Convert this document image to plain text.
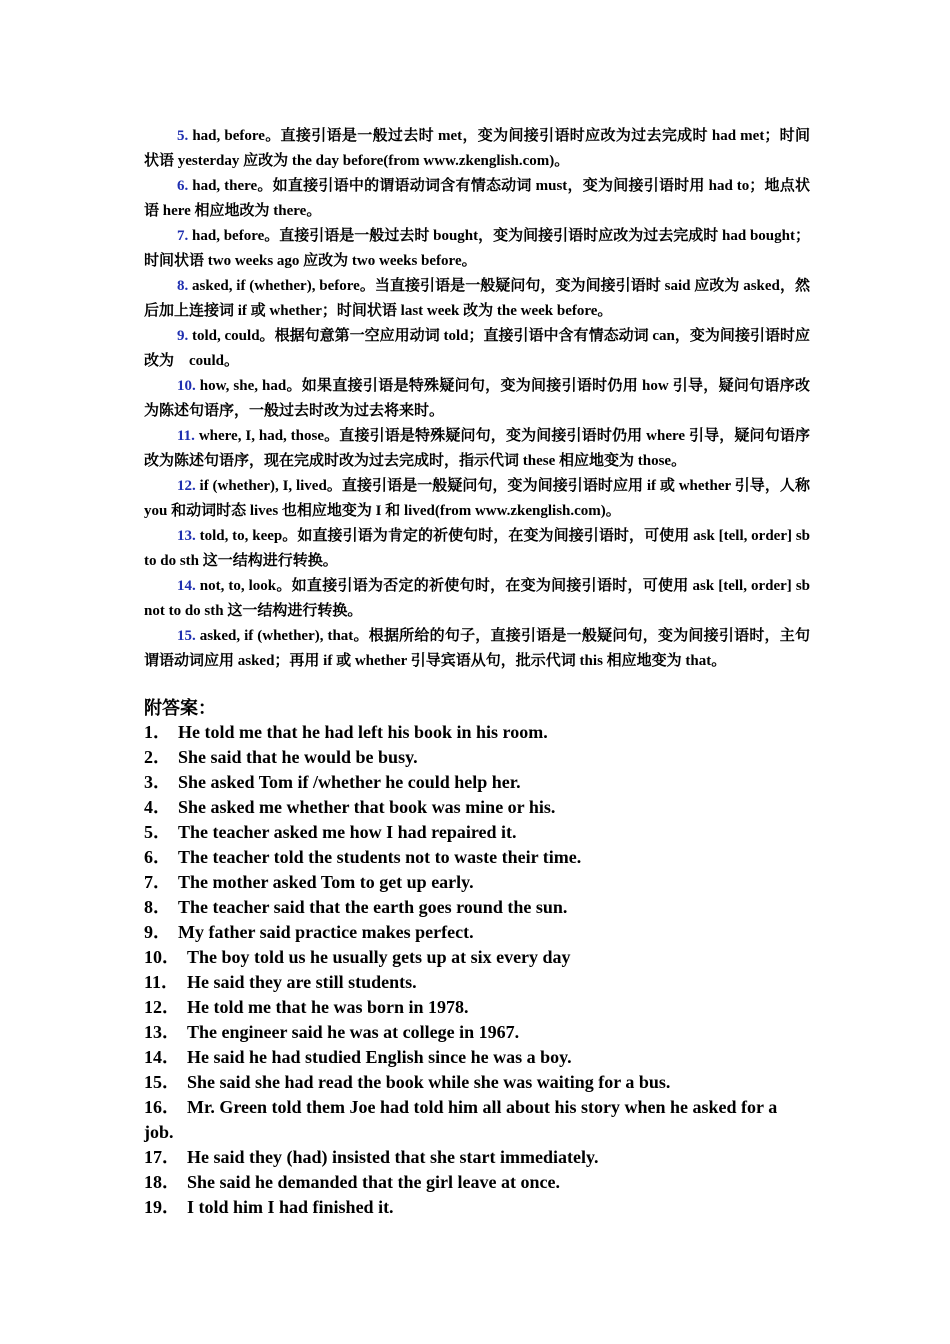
5. had, before。直接引语是一般过去时 met，变为间接引语时应改为过去完成时 had met；时间状语 yesterday 应改为 the day before(from www.zkenglish.com)。

6. had, there。如直接引语中的谓语动词含有情态动词 must，变为间接引语时用 had to；地点状语 here 相应地改为 there。

7. had, before。直接引语是一般过去时 bought，变为间接引语时应改为过去完成时 had bought；时间状语 two weeks ago 应改为 two weeks before。

8. asked, if (whether), before。当直接引语是一般疑问句，变为间接引语时 said 应改为 asked，然后加上连接词 if 或 whether；时间状语 last week 改为 the week before。

9. told, could。根据句意第一空应用动词 told；直接引语中含有情态动词 can，变为间接引语时应改为　could。

10. how, she, had。如果直接引语是特殊疑问句，变为间接引语时仍用 how 引导，疑问句语序改为陈述句语序，一般过去时改为过去将来时。

11. where, I, had, those。直接引语是特殊疑问句，变为间接引语时仍用 where 引导，疑问句语序改为陈述句语序，现在完成时改为过去完成时，指示代词 these 相应地变为 those。

12. if (whether), I, lived。直接引语是一般疑问句，变为间接引语时应用 if 或 whether 引导，人称 you 和动词时态 lives 也相应地变为 I 和 lived(from www.zkenglish.com)。

13. told, to, keep。如直接引语为肯定的祈使句时，在变为间接引语时，可使用 ask [tell, order] sb to do sth 这一结构进行转换。

14. not, to, look。如直接引语为否定的祈使句时，在变为间接引语时，可使用 ask [tell, order] sb not to do sth 这一结构进行转换。

15. asked, if (whether), that。根据所给的句子，直接引语是一般疑问句，变为间接引语时，主句谓语动词应用 asked；再用 if 或 whether 引导宾语从句，批示代词 this 相应地变为 that。

附答案：

1． He told me that he had left his book in his room.

2． She said that he would be busy.

3． She asked Tom if /whether he could help her.

4． She asked me whether that book was mine or his.

5． The teacher asked me how I had repaired it.

6． The teacher told the students not to waste their time.

7． The mother asked Tom to get up early.

8． The teacher said that the earth goes round the sun.

9． My father said practice makes perfect.

10． The boy told us he usually gets up at six every day

11． He said they are still students.

12． He told me that he was born in 1978.

13． The engineer said he was at college in 1967.

14． He said he had studied English since he was a boy.

15． She said she had read the book while she was waiting for a bus.

16． Mr. Green told them Joe had told him all about his story when he asked for a job.

17． He said they (had) insisted that she start immediately.

18． She said he demanded that the girl leave at once.

19． I told him I had finished it.
